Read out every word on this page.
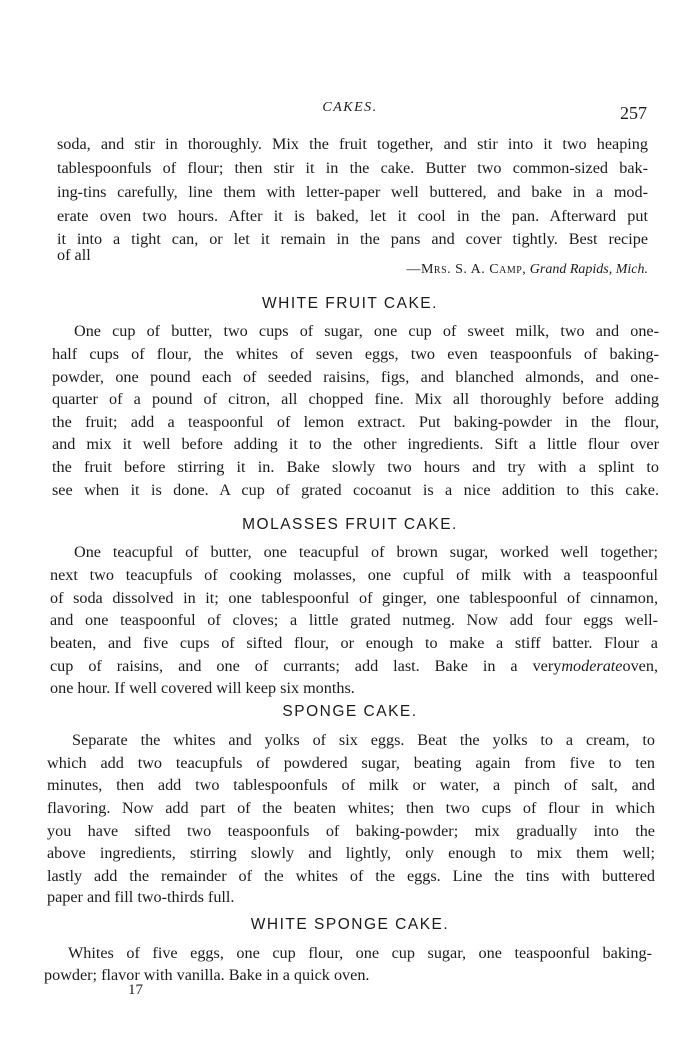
CAKES.	257
soda, and stir in thoroughly. Mix the fruit together, and stir into it two heaping
tablespoonfuls of flour; then stir it in the cake. Butter two common-sized bak-
ing-tins carefully, line them with letter-paper well buttered, and bake in a mod-
erate oven two hours. After it is baked, let it cool in the pan. Afterward put
it into a tight can, or let it remain in the pans and cover tightly. Best recipe
of all
—Mrs. S. A. Camp, Grand Rapids, Mich.
WHITE FRUIT CAKE.
One cup of butter, two cups of sugar, one cup of sweet milk, two and one-
half cups of flour, the whites of seven eggs, two even teaspoonfuls of baking-
powder, one pound each of seeded raisins, figs, and blanched almonds, and one-
quarter of a pound of citron, all chopped fine. Mix all thoroughly before adding
the fruit; add a teaspoonful of lemon extract. Put baking-powder in the flour,
and mix it well before adding it to the other ingredients. Sift a little flour over
the fruit before stirring it in. Bake slowly two hours and try with a splint to
see when it is done. A cup of grated cocoanut is a nice addition to this cake.
MOLASSES FRUIT CAKE.
One teacupful of butter, one teacupful of brown sugar, worked well together;
next two teacupfuls of cooking molasses, one cupful of milk with a teaspoonful
of soda dissolved in it; one tablespoonful of ginger, one tablespoonful of cinnamon,
and one teaspoonful of cloves; a little grated nutmeg. Now add four eggs well-
beaten, and five cups of sifted flour, or enough to make a stiff batter. Flour a
cup of raisins, and one of currants; add last. Bake in a very moderate oven,
one hour. If well covered will keep six months.
SPONGE CAKE.
Separate the whites and yolks of six eggs. Beat the yolks to a cream, to
which add two teacupfuls of powdered sugar, beating again from five to ten
minutes, then add two tablespoonfuls of milk or water, a pinch of salt, and
flavoring. Now add part of the beaten whites; then two cups of flour in which
you have sifted two teaspoonfuls of baking-powder; mix gradually into the
above ingredients, stirring slowly and lightly, only enough to mix them well;
lastly add the remainder of the whites of the eggs. Line the tins with buttered
paper and fill two-thirds full.
WHITE SPONGE CAKE.
Whites of five eggs, one cup flour, one cup sugar, one teaspoonful baking-
powder; flavor with vanilla. Bake in a quick oven.
17
